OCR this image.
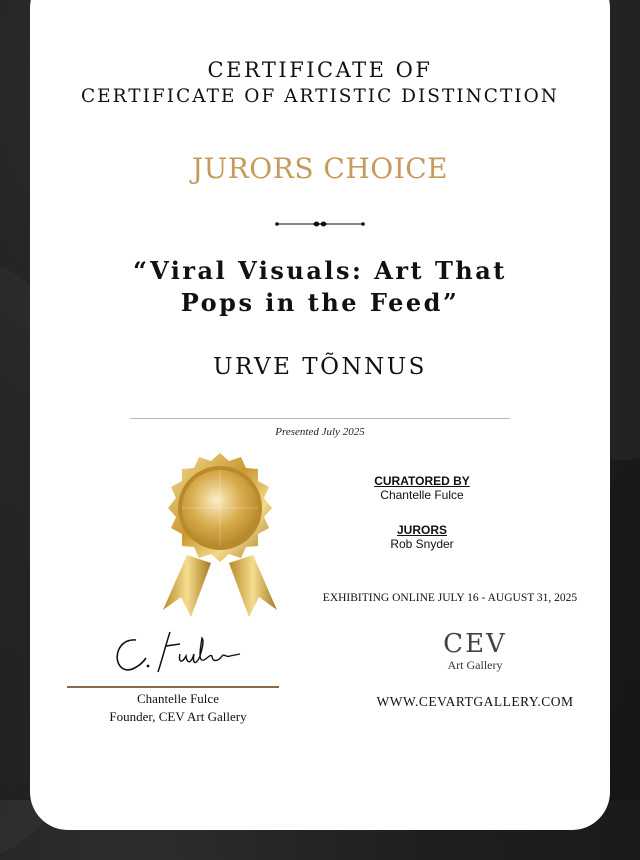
CERTIFICATE OF
CERTIFICATE OF ARTISTIC DISTINCTION
JURORS CHOICE
“Viral Visuals: Art That
Pops in the Feed”
URVE TÕNNUS
Presented July 2025
CURATORED BY
Chantelle Fulce
JURORS
Rob Snyder
EXHIBITING ONLINE JULY 16 - AUGUST 31, 2025
Chantelle Fulce
Founder, CEV Art Gallery
CEV
Art Gallery
WWW.CEVARTGALLERY.COM
